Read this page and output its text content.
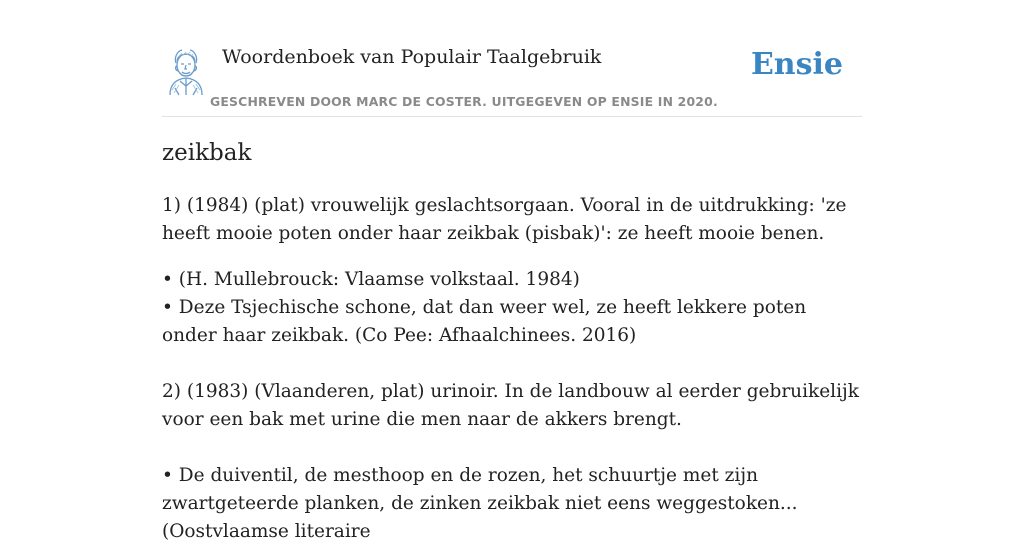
Woordenboek van Populair Taalgebruik	Ensie
GESCHREVEN DOOR MARC DE COSTER. UITGEGEVEN OP ENSIE IN 2020.
zeikbak

1) (1984) (plat) vrouwelijk geslachtsorgaan. Vooral in de uitdrukking: 'ze heeft mooie poten onder haar zeikbak (pisbak)': ze heeft mooie benen.

• (H. Mullebrouck: Vlaamse volkstaal. 1984)

• Deze Tsjechische schone, dat dan weer wel, ze heeft lekkere poten onder haar zeikbak. (Co Pee: Afhaalchinees. 2016)

2) (1983) (Vlaanderen, plat) urinoir. In de landbouw al eerder gebruikelijk voor een bak met urine die men naar de akkers brengt.

• De duiventil, de mesthoop en de rozen, het schuurtje met zijn zwartgeteerde planken, de zinken zeikbak niet eens weggestoken... (Oostvlaamse literaire
